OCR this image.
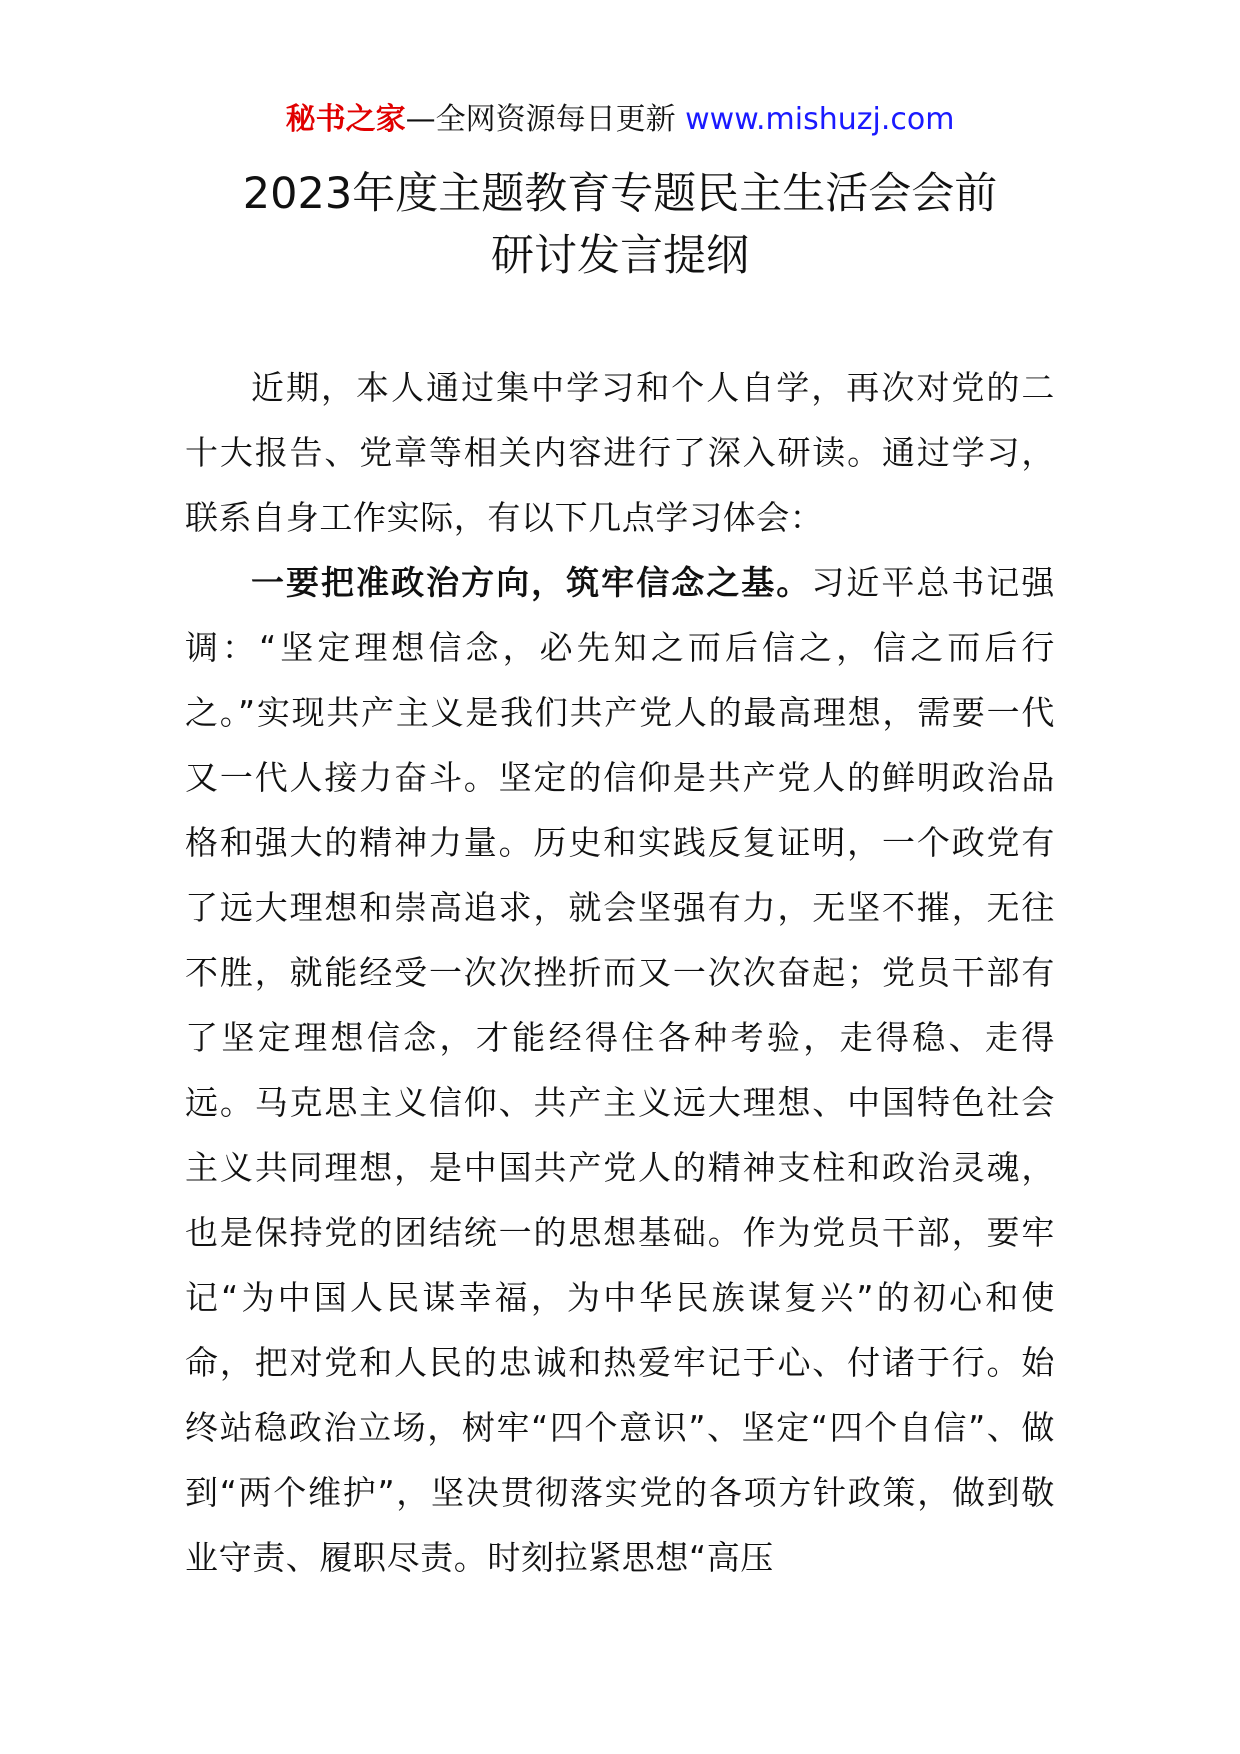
秘书之家—全网资源每日更新 www.mishuzj.com
2023年度主题教育专题民主生活会会前
研讨发言提纲

近期，本人通过集中学习和个人自学，再次对党的二十大报告、党章等相关内容进行了深入研读。通过学习，联系自身工作实际，有以下几点学习体会：

一要把准政治方向，筑牢信念之基。习近平总书记强调：“坚定理想信念，必先知之而后信之，信之而后行之。”实现共产主义是我们共产党人的最高理想，需要一代又一代人接力奋斗。坚定的信仰是共产党人的鲜明政治品格和强大的精神力量。历史和实践反复证明，一个政党有了远大理想和崇高追求，就会坚强有力，无坚不摧，无往不胜，就能经受一次次挫折而又一次次奋起；党员干部有了坚定理想信念，才能经得住各种考验，走得稳、走得远。马克思主义信仰、共产主义远大理想、中国特色社会主义共同理想，是中国共产党人的精神支柱和政治灵魂，也是保持党的团结统一的思想基础。作为党员干部，要牢记“为中国人民谋幸福，为中华民族谋复兴”的初心和使命，把对党和人民的忠诚和热爱牢记于心、付诸于行。始终站稳政治立场，树牢“四个意识”、坚定“四个自信”、做到“两个维护”，坚决贯彻落实党的各项方针政策，做到敬业守责、履职尽责。时刻拉紧思想“高压
